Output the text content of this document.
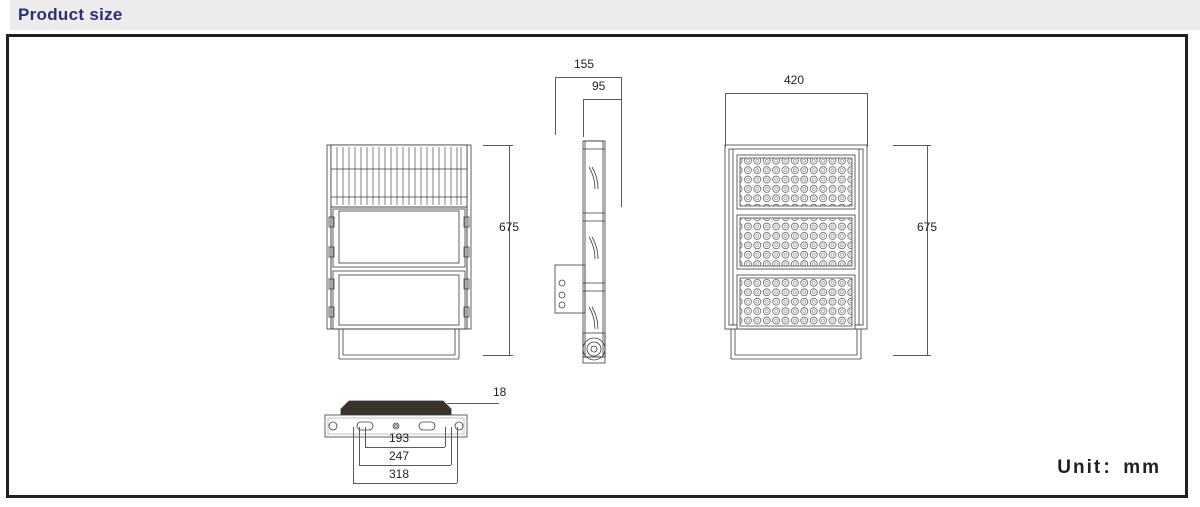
Product size
675
155
95	420
675
18
193
247
318	Unit：mm
